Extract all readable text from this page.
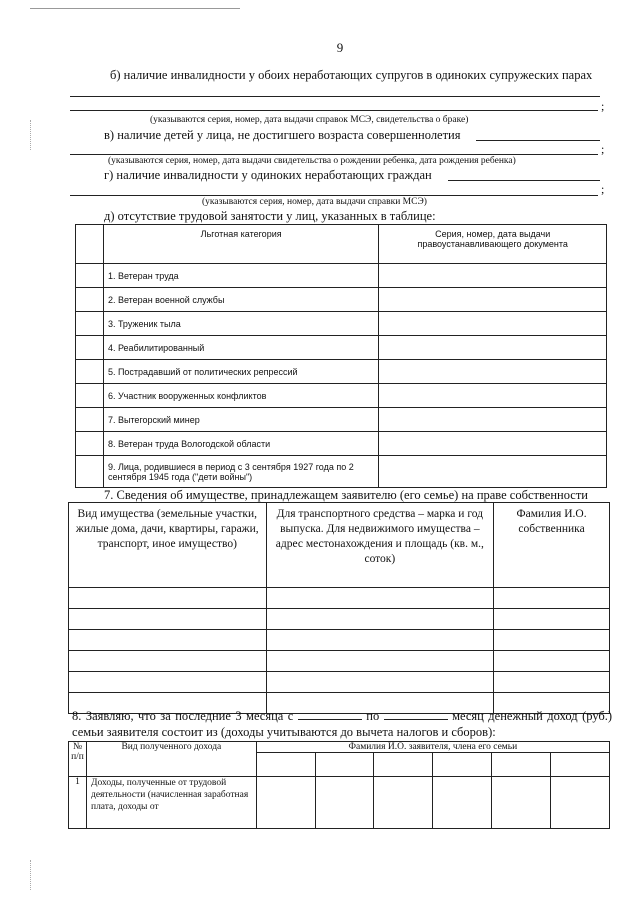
9
б) наличие инвалидности у обоих неработающих супругов в одиноких супружеских парах
;
(указываются серия, номер, дата выдачи справок МСЭ, свидетельства о браке)
в) наличие детей у лица, не достигшего возраста совершеннолетия
;
(указываются серия, номер, дата выдачи свидетельства о рождении ребенка, дата рождения ребенка)
г) наличие инвалидности у одиноких неработающих граждан
;
(указываются серия, номер, дата выдачи справки МСЭ)
д) отсутствие трудовой занятости у лиц, указанных в таблице:
	Льготная категория	Серия, номер, дата выдачи правоустанавливающего документа
	1. Ветеран труда	
	2. Ветеран военной службы	
	3. Труженик тыла	
	4. Реабилитированный	
	5. Пострадавший от политических репрессий	
	6. Участник вооруженных конфликтов	
	7. Вытегорский минер	
	8. Ветеран труда Вологодской области	
	9. Лица, родившиеся в период с 3 сентября 1927 года по 2 сентября 1945 года ("дети войны")	
7. Сведения об имуществе, принадлежащем заявителю (его семье) на праве собственности
Вид имущества (земельные участки, жилые дома, дачи, квартиры, гаражи, транспорт, иное имущество)	Для транспортного средства – марка и год выпуска. Для недвижимого имущества – адрес местонахождения и площадь (кв. м., соток)	Фамилия И.О. собственника

8. Заявляю, что за последние 3 месяца с	по	месяц денежный доход (руб.) семьи заявителя состоит из (доходы учитываются до вычета налогов и сборов):
№ п/п	Вид полученного дохода	Фамилия И.О. заявителя, члена его семьи					

1	Доходы, полученные от трудовой деятельности (начисленная заработная плата, доходы от						
